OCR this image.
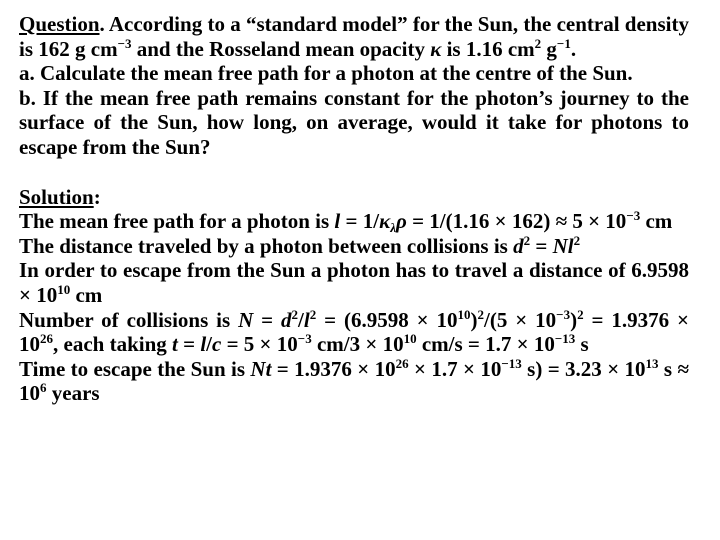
Question. According to a “standard model” for the Sun, the central density is 162 g $cm^{-3}$ and the Rosseland mean opacity κ is 1.16 $cm^2$ $g^{-1}$.

a. Calculate the mean free path for a photon at the centre of the Sun.

b. If the mean free path remains constant for the photon’s journey to the surface of the Sun, how long, on average, would it take for photons to escape from the Sun?

Solution:

The mean free path for a photon is $l = 1/\kappa_\lambda\rho = 1/(1.16 \times 162) \approx 5 \times 10^{-3}$ cm

The distance traveled by a photon between collisions is $d^2 = Nl^2$

In order to escape from the Sun a photon has to travel a distance of $6.9598 \times 10^{10}$ cm

Number of collisions is $N = d^2/l^2 = (6.9598 \times 10^{10})^2/(5 \times 10^{-3})^2 = 1.9376 \times 10^{26}$, each taking $t = l/c = 5 \times 10^{-3}$ $cm/3 \times 10^{10}$ $cm/s = 1.7 \times 10^{-13}$ s

Time to escape the Sun is $Nt = 1.9376 \times 10^{26} \times 1.7 \times 10^{-13}$ $s) = 3.23 \times 10^{13}$ $s \approx 10^6$ years
